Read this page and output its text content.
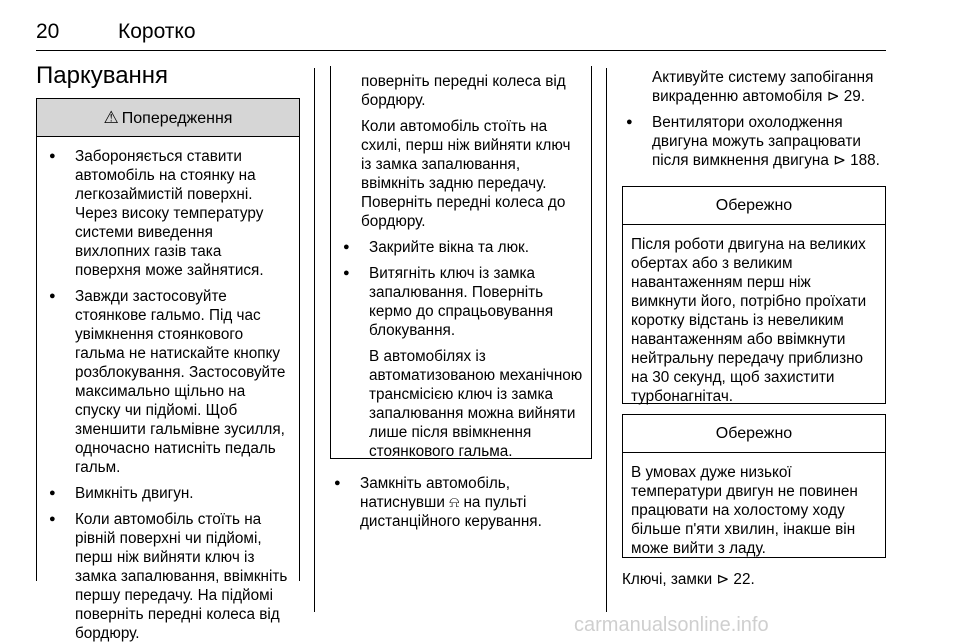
20	Коротко
Паркування
⚠ Попередження

● Забороняється ставити автомобіль на стоянку на легкозаймистій поверхні. Через високу температуру системи виведення вихлопних газів така поверхня може зайнятися.

● Завжди застосовуйте стоянкове гальмо. Під час увімкнення стоянкового гальма не натискайте кнопку розблокування. Застосовуйте максимально щільно на спуску чи підйомі. Щоб зменшити гальмівне зусилля, одночасно натисніть педаль гальм.

● Вимкніть двигун.

● Коли автомобіль стоїть на рівній поверхні чи підйомі, перш ніж вийняти ключ із замка запалювання, ввімкніть першу передачу. На підйомі поверніть передні колеса від бордюру.

поверніть передні колеса від бордюру.

Коли автомобіль стоїть на схилі, перш ніж вийняти ключ із замка запалювання, ввімкніть задню передачу. Поверніть передні колеса до бордюру.

● Закрийте вікна та люк.

● Витягніть ключ із замка запалювання. Поверніть кермо до спрацьовування блокування.

В автомобілях із автоматизованою механічною трансмісією ключ із замка запалювання можна вийняти лише після ввімкнення стоянкового гальма.

● Замкніть автомобіль, натиснувши ⍾ на пульті дистанційного керування.

Активуйте систему запобігання викраденню автомобіля ⊳ 29.

● Вентилятори охолодження двигуна можуть запрацювати після вимкнення двигуна ⊳ 188.

Обережно

Після роботи двигуна на великих обертах або з великим навантаженням перш ніж вимкнути його, потрібно проїхати коротку відстань із невеликим навантаженням або ввімкнути нейтральну передачу приблизно на 30 секунд, щоб захистити турбонагнітач.

Обережно

В умовах дуже низької температури двигун не повинен працювати на холостому ходу більше п'яти хвилин, інакше він може вийти з ладу.

Ключі, замки ⊳ 22.
carmanualsonline.info
